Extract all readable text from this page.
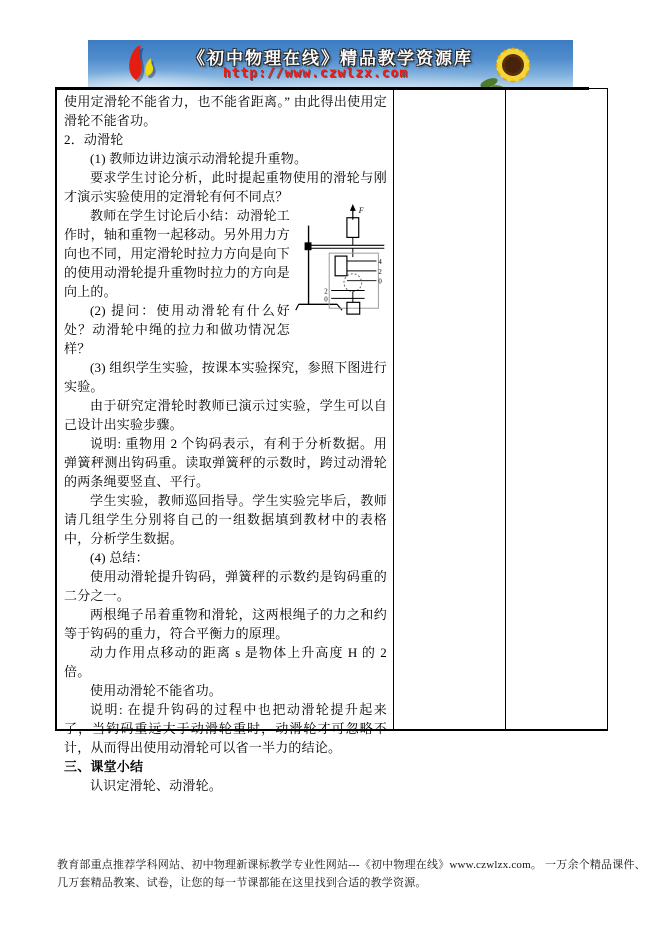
《初中物理在线》精品教学资源库
http://www.czwlzx.com

使用定滑轮不能省力，也不能省距离。” 由此得出使用定滑轮不能省功。

2．动滑轮

(1) 教师边讲边演示动滑轮提升重物。

要求学生讨论分析，此时提起重物使用的滑轮与刚才演示实验使用的定滑轮有何不同点？

F
4
2
0
2
0

教师在学生讨论后小结：动滑轮工作时，轴和重物一起移动。另外用力方向也不同，用定滑轮时拉力方向是向下的使用动滑轮提升重物时拉力的方向是向上的。

(2) 提问：使用动滑轮有什么好处？动滑轮中绳的拉力和做功情况怎样？

(3) 组织学生实验，按课本实验探究，参照下图进行实验。

由于研究定滑轮时教师已演示过实验，学生可以自己设计出实验步骤。

说明: 重物用 2 个钩码表示，有利于分析数据。用弹簧秤测出钩码重。读取弹簧秤的示数时，跨过动滑轮的两条绳要竖直、平行。

学生实验，教师巡回指导。学生实验完毕后，教师请几组学生分别将自己的一组数据填到教材中的表格中，分析学生数据。

(4) 总结：

使用动滑轮提升钩码，弹簧秤的示数约是钩码重的二分之一。

两根绳子吊着重物和滑轮，这两根绳子的力之和约等于钩码的重力，符合平衡力的原理。

动力作用点移动的距离 s 是物体上升高度 H 的 2 倍。

使用动滑轮不能省功。

说明: 在提升钩码的过程中也把动滑轮提升起来了，当钩码重远大于动滑轮重时，动滑轮才可忽略不计，从而得出使用动滑轮可以省一半力的结论。

三、课堂小结

认识定滑轮、动滑轮。

教育部重点推荐学科网站、初中物理新课标教学专业性网站---《初中物理在线》www.czwlzx.com。 一万余个精品课件、
几万套精品教案、试卷，让您的每一节课都能在这里找到合适的教学资源。
